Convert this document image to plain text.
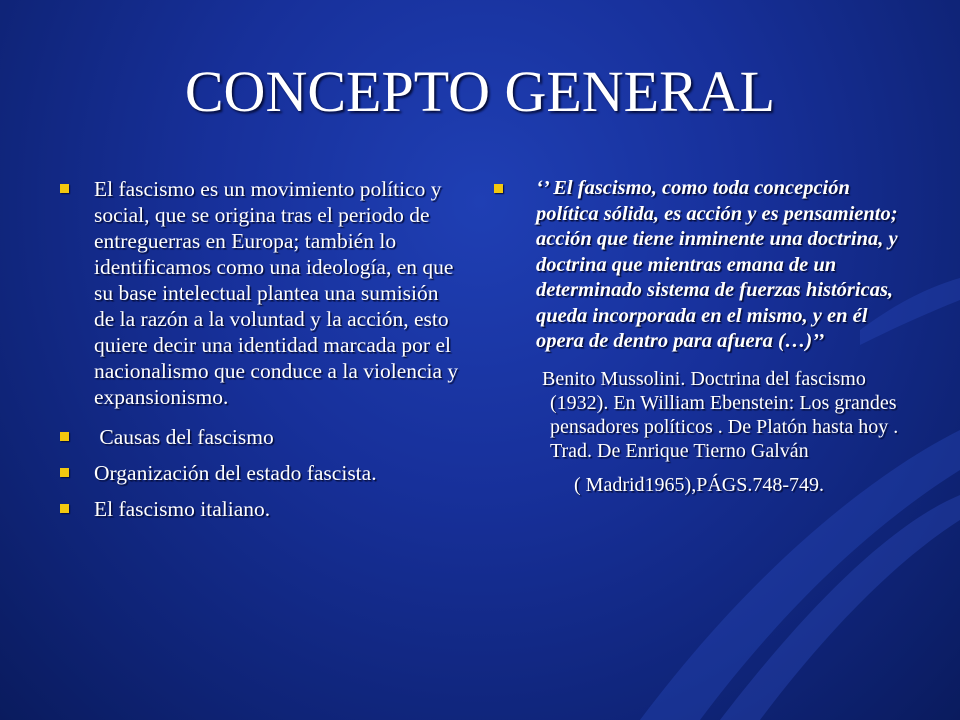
CONCEPTO GENERAL
El fascismo es un movimiento político y social, que se origina tras el periodo de entreguerras en Europa; también lo identificamos como una ideología, en que su base intelectual plantea una sumisión de la razón a la voluntad y la acción, esto quiere decir una identidad marcada por el nacionalismo que conduce a la violencia y expansionismo.
Causas del fascismo
Organización del estado fascista.
El fascismo italiano.
‘’ El fascismo, como toda concepción política sólida, es acción y es pensamiento; acción que tiene inminente una doctrina, y doctrina que mientras emana de un determinado sistema de fuerzas históricas, queda incorporada en el mismo, y en él opera de dentro para afuera (…)’’
Benito Mussolini. Doctrina del fascismo (1932). En William Ebenstein: Los grandes pensadores políticos . De Platón hasta hoy . Trad. De Enrique Tierno Galván
( Madrid1965),PÁGS.748-749.
